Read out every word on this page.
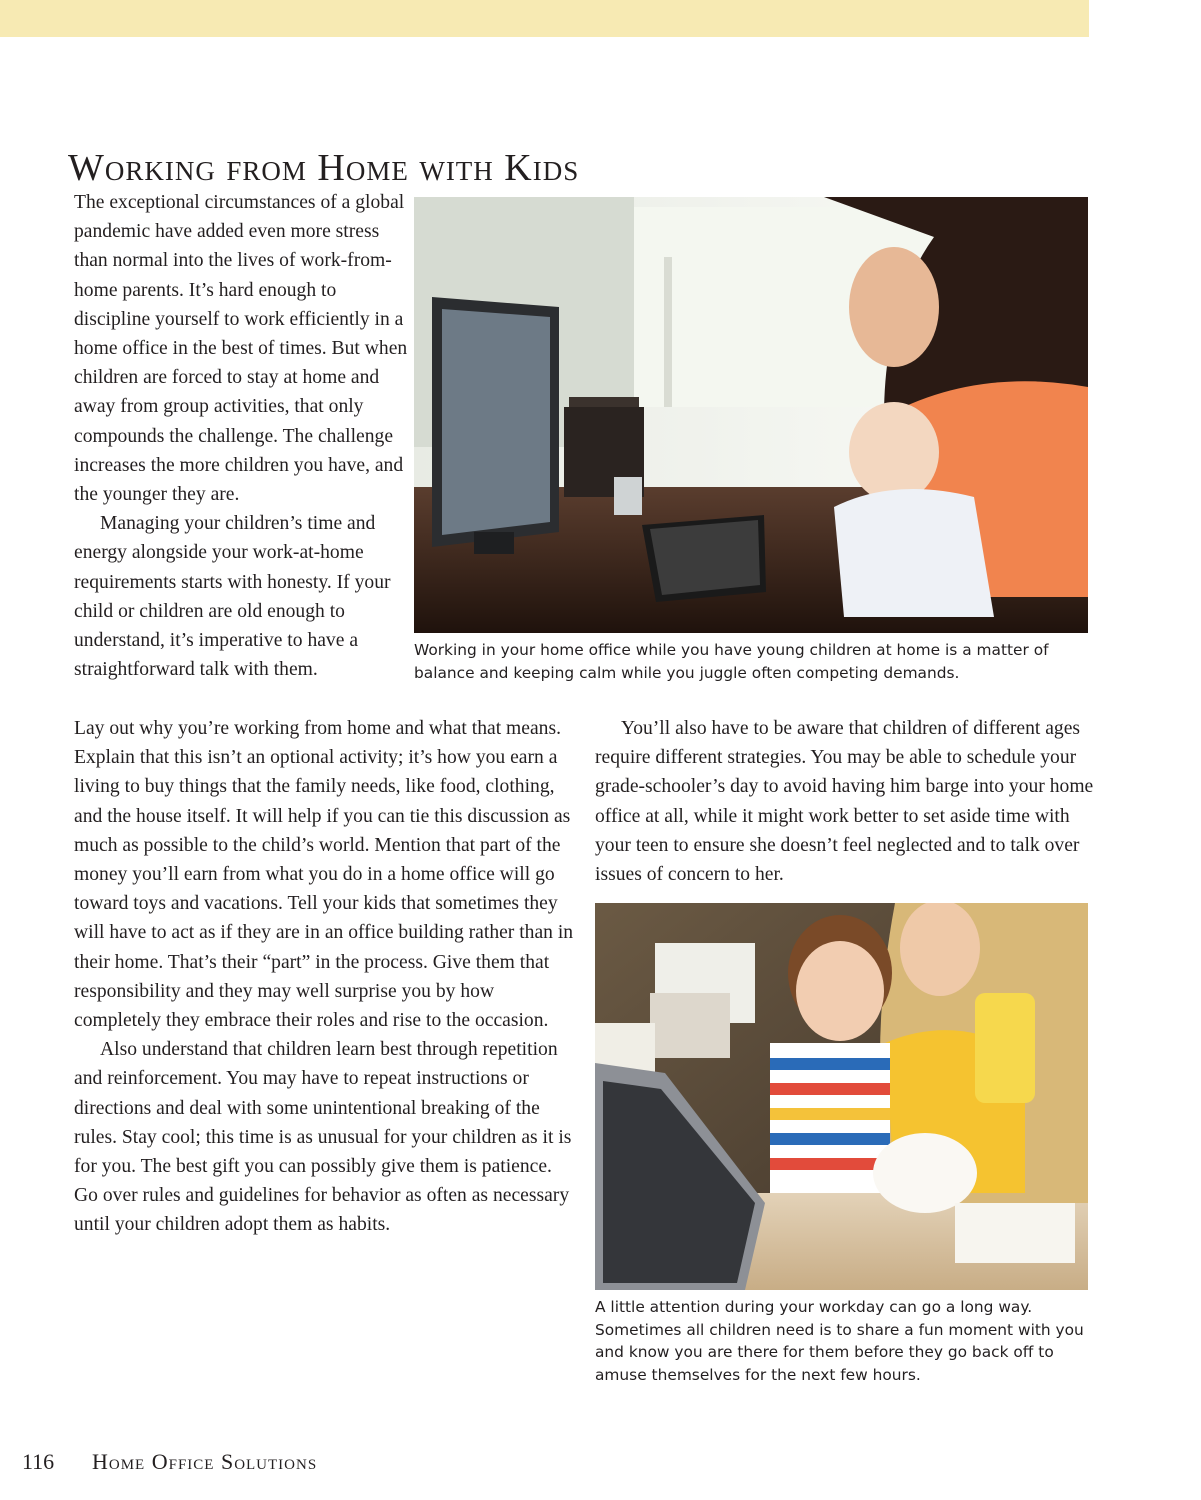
Working from Home with Kids

The exceptional circumstances of a global pandemic have added even more stress than normal into the lives of work-from-home parents. It’s hard enough to discipline yourself to work efficiently in a home office in the best of times. But when children are forced to stay at home and away from group activities, that only compounds the challenge. The challenge increases the more children you have, and the younger they are.

Managing your children’s time and energy alongside your work-at-home requirements starts with honesty. If your child or children are old enough to understand, it’s imperative to have a straightforward talk with them.

Working in your home office while you have young children at home is a matter of balance and keeping calm while you juggle often competing demands.

Lay out why you’re working from home and what that means. Explain that this isn’t an optional activity; it’s how you earn a living to buy things that the family needs, like food, clothing, and the house itself. It will help if you can tie this discussion as much as possible to the child’s world. Mention that part of the money you’ll earn from what you do in a home office will go toward toys and vacations. Tell your kids that sometimes they will have to act as if they are in an office building rather than in their home. That’s their “part” in the process. Give them that responsibility and they may well surprise you by how completely they embrace their roles and rise to the occasion.

Also understand that children learn best through repetition and reinforcement. You may have to repeat instructions or directions and deal with some unintentional breaking of the rules. Stay cool; this time is as unusual for your children as it is for you. The best gift you can possibly give them is patience. Go over rules and guidelines for behavior as often as necessary until your children adopt them as habits.

You’ll also have to be aware that children of different ages require different strategies. You may be able to schedule your grade-schooler’s day to avoid having him barge into your home office at all, while it might work better to set aside time with your teen to ensure she doesn’t feel neglected and to talk over issues of concern to her.

A little attention during your workday can go a long way. Sometimes all children need is to share a fun moment with you and know you are there for them before they go back off to amuse themselves for the next few hours.

116 Home Office Solutions
